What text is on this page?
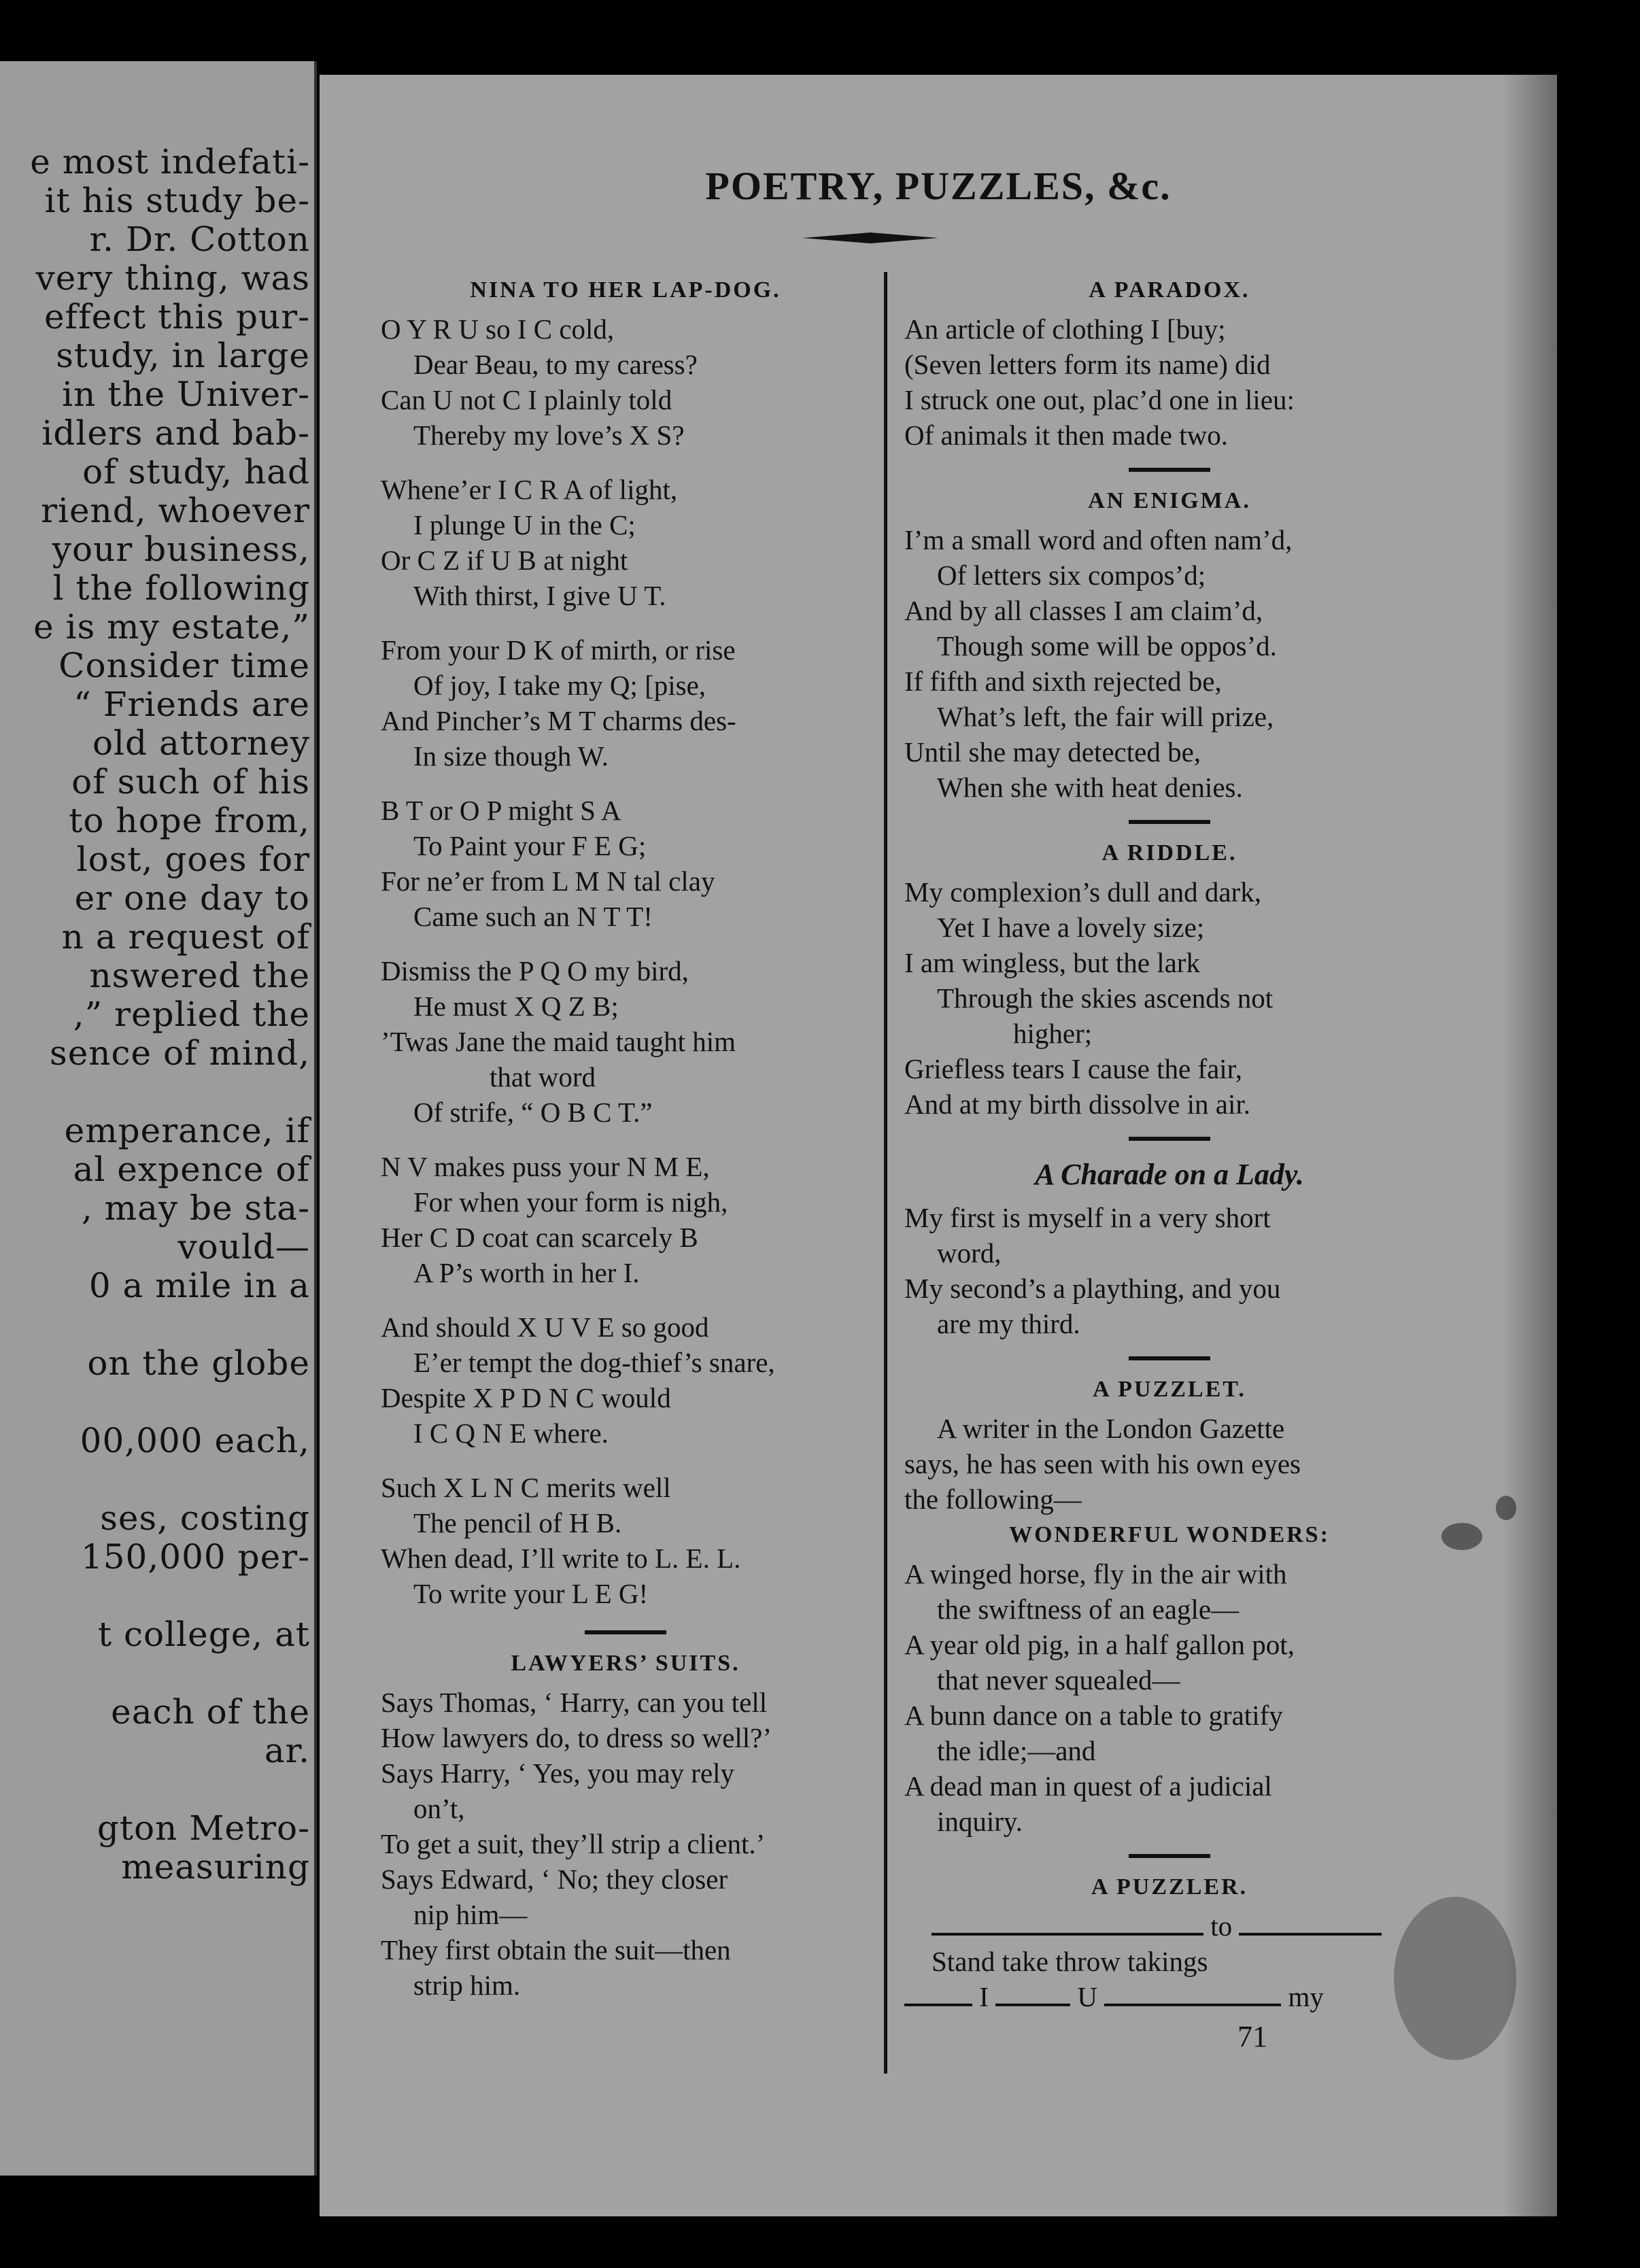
e most indefati-
it his study be-
r. Dr. Cotton
very thing, was
effect this pur-
study, in large
in the Univer-
idlers and bab-
of study, had
riend, whoever
your business,
l the following
e is my estate,”
Consider time
“ Friends are
old attorney
of such of his
to hope from,
lost, goes for
er one day to
n a request of
nswered the
,” replied the
sence of mind,
emperance, if
al expence of
, may be sta-
vould—
0 a mile in a
on the globe
00,000 each,
ses, costing
150,000 per-
t college, at
each of the
ar.
gton Metro-
measuring
POETRY, PUZZLES, &c.
NINA TO HER LAP-DOG.
O Y R U so I C cold,
Dear Beau, to my caress?
Can U not C I plainly told
Thereby my love’s X S?
Whene’er I C R A of light,
I plunge U in the C;
Or C Z if U B at night
With thirst, I give U T.
From your D K of mirth, or rise
Of joy, I take my Q; [pise,
And Pincher’s M T charms des-
In size though W.
B T or O P might S A
To Paint your F E G;
For ne’er from L M N tal clay
Came such an N T T!
Dismiss the P Q O my bird,
He must X Q Z B;
’Twas Jane the maid taught him
that word
Of strife, “ O B C T.”
N V makes puss your N M E,
For when your form is nigh,
Her C D coat can scarcely B
A P’s worth in her I.
And should X U V E so good
E’er tempt the dog-thief’s snare,
Despite X P D N C would
I C Q N E where.
Such X L N C merits well
The pencil of H B.
When dead, I’ll write to L. E. L.
To write your L E G!
LAWYERS’ SUITS.
Says Thomas, ‘ Harry, can you tell
How lawyers do, to dress so well?’
Says Harry, ‘ Yes, you may rely
on’t,
To get a suit, they’ll strip a client.’
Says Edward, ‘ No; they closer
nip him—
They first obtain the suit—then
strip him.
A PARADOX.
An article of clothing I [buy;
(Seven letters form its name) did
I struck one out, plac’d one in lieu:
Of animals it then made two.
AN ENIGMA.
I’m a small word and often nam’d,
Of letters six compos’d;
And by all classes I am claim’d,
Though some will be oppos’d.
If fifth and sixth rejected be,
What’s left, the fair will prize,
Until she may detected be,
When she with heat denies.
A RIDDLE.
My complexion’s dull and dark,
Yet I have a lovely size;
I am wingless, but the lark
Through the skies ascends not
higher;
Griefless tears I cause the fair,
And at my birth dissolve in air.
A Charade on a Lady.
My first is myself in a very short
word,
My second’s a plaything, and you
are my third.
A PUZZLET.
A writer in the London Gazette
says, he has seen with his own eyes
the following—
WONDERFUL WONDERS:
A winged horse, fly in the air with
the swiftness of an eagle—
A year old pig, in a half gallon pot,
that never squealed—
A bunn dance on a table to gratify
the idle;—and
A dead man in quest of a judicial
inquiry.
A PUZZLER.
to
Stand take throw takings
I	U	my
71
